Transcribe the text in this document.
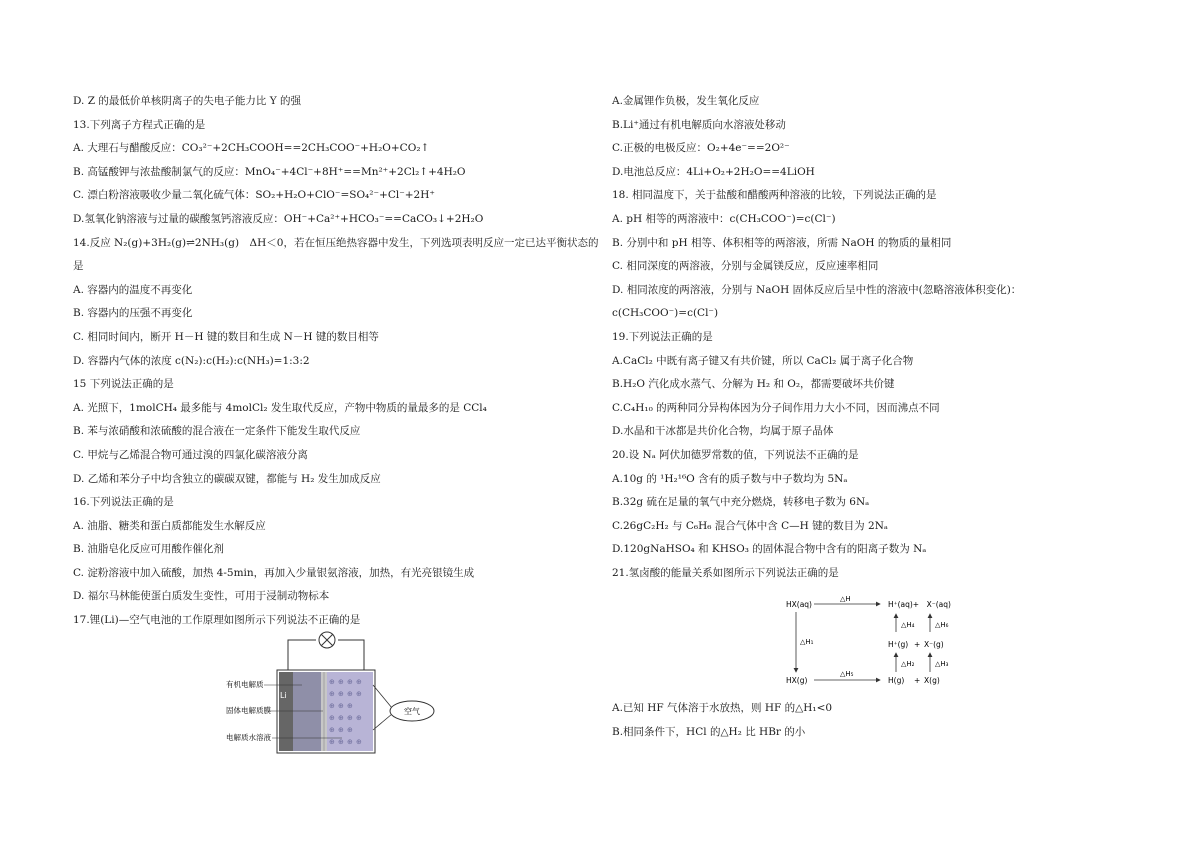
D. Z 的最低价单核阴离子的失电子能力比 Y 的强
13.下列离子方程式正确的是
A. 大理石与醋酸反应：CO₃²⁻+2CH₃COOH==2CH₃COO⁻+H₂O+CO₂↑
B. 高锰酸钾与浓盐酸制氯气的反应：MnO₄⁻+4Cl⁻+8H⁺==Mn²⁺+2Cl₂↑+4H₂O
C. 漂白粉溶液吸收少量二氧化硫气体：SO₂+H₂O+ClO⁻=SO₄²⁻+Cl⁻+2H⁺
D.氢氧化钠溶液与过量的碳酸氢钙溶液反应：OH⁻+Ca²⁺+HCO₃⁻==CaCO₃↓+2H₂O
14.反应 N₂(g)+3H₂(g)⇌2NH₃(g)　ΔH＜0，若在恒压绝热容器中发生，下列选项表明反应一定已达平衡状态的
是
A. 容器内的温度不再变化
B. 容器内的压强不再变化
C. 相同时间内，断开 H－H 键的数目和生成 N－H 键的数目相等
D. 容器内气体的浓度 c(N₂):c(H₂):c(NH₃)=1:3:2
15 下列说法正确的是
A. 光照下，1molCH₄ 最多能与 4molCl₂ 发生取代反应，产物中物质的量最多的是 CCl₄
B. 苯与浓硝酸和浓硫酸的混合液在一定条件下能发生取代反应
C. 甲烷与乙烯混合物可通过溴的四氯化碳溶液分离
D. 乙烯和苯分子中均含独立的碳碳双键，都能与 H₂ 发生加成反应
16.下列说法正确的是
A. 油脂、糖类和蛋白质都能发生水解反应
B. 油脂皂化反应可用酸作催化剂
C. 淀粉溶液中加入硫酸，加热 4-5min，再加入少量银氨溶液，加热，有光亮银镜生成
D. 福尔马林能使蛋白质发生变性，可用于浸制动物标本
17.锂(Li)—空气电池的工作原理如图所示下列说法不正确的是
Li
⊕ ⊕ ⊕ ⊕
⊕ ⊕ ⊕ ⊕
⊕ ⊕ ⊕
⊕ ⊕ ⊕ ⊕
⊕ ⊕ ⊕
⊕ ⊕ ⊕ ⊕
有机电解质
固体电解质膜
电解质水溶液
空气
A.金属锂作负极，发生氧化反应
B.Li⁺通过有机电解质向水溶液处移动
C.正极的电极反应：O₂+4e⁻==2O²⁻
D.电池总反应：4Li+O₂+2H₂O==4LiOH
18. 相同温度下，关于盐酸和醋酸两种溶液的比较，下列说法正确的是
A. pH 相等的两溶液中：c(CH₃COO⁻)=c(Cl⁻)
B. 分别中和 pH 相等、体积相等的两溶液，所需 NaOH 的物质的量相同
C. 相同深度的两溶液，分别与金属镁反应，反应速率相同
D. 相同浓度的两溶液，分别与 NaOH 固体反应后呈中性的溶液中(忽略溶液体积变化)：
c(CH₃COO⁻)=c(Cl⁻)
19.下列说法正确的是
A.CaCl₂ 中既有离子键又有共价键，所以 CaCl₂ 属于离子化合物
B.H₂O 汽化成水蒸气、分解为 H₂ 和 O₂，都需要破坏共价键
C.C₄H₁₀ 的两种同分异构体因为分子间作用力大小不同，因而沸点不同
D.水晶和干冰都是共价化合物，均属于原子晶体
20.设 Nₐ 阿伏加德罗常数的值，下列说法不正确的是
A.10g 的 ¹H₂¹⁶O 含有的质子数与中子数均为 5Nₐ
B.32g 硫在足量的氧气中充分燃烧，转移电子数为 6Nₐ
C.26gC₂H₂ 与 C₆H₆ 混合气体中含 C—H 键的数目为 2Nₐ
D.120gNaHSO₄ 和 KHSO₃ 的固体混合物中含有的阳离子数为 Nₐ
21.氢卤酸的能量关系如图所示下列说法正确的是
HX(aq)
△H
H⁺(aq)+　X⁻(aq)
△H₁
△H₄	△H₆
H⁺(g) + X⁻(g)
△H₂	△H₃
HX(g)
△H₅
H(g) + X(g)
A.已知 HF 气体溶于水放热，则 HF 的△H₁<0
B.相同条件下，HCl 的△H₂ 比 HBr 的小
